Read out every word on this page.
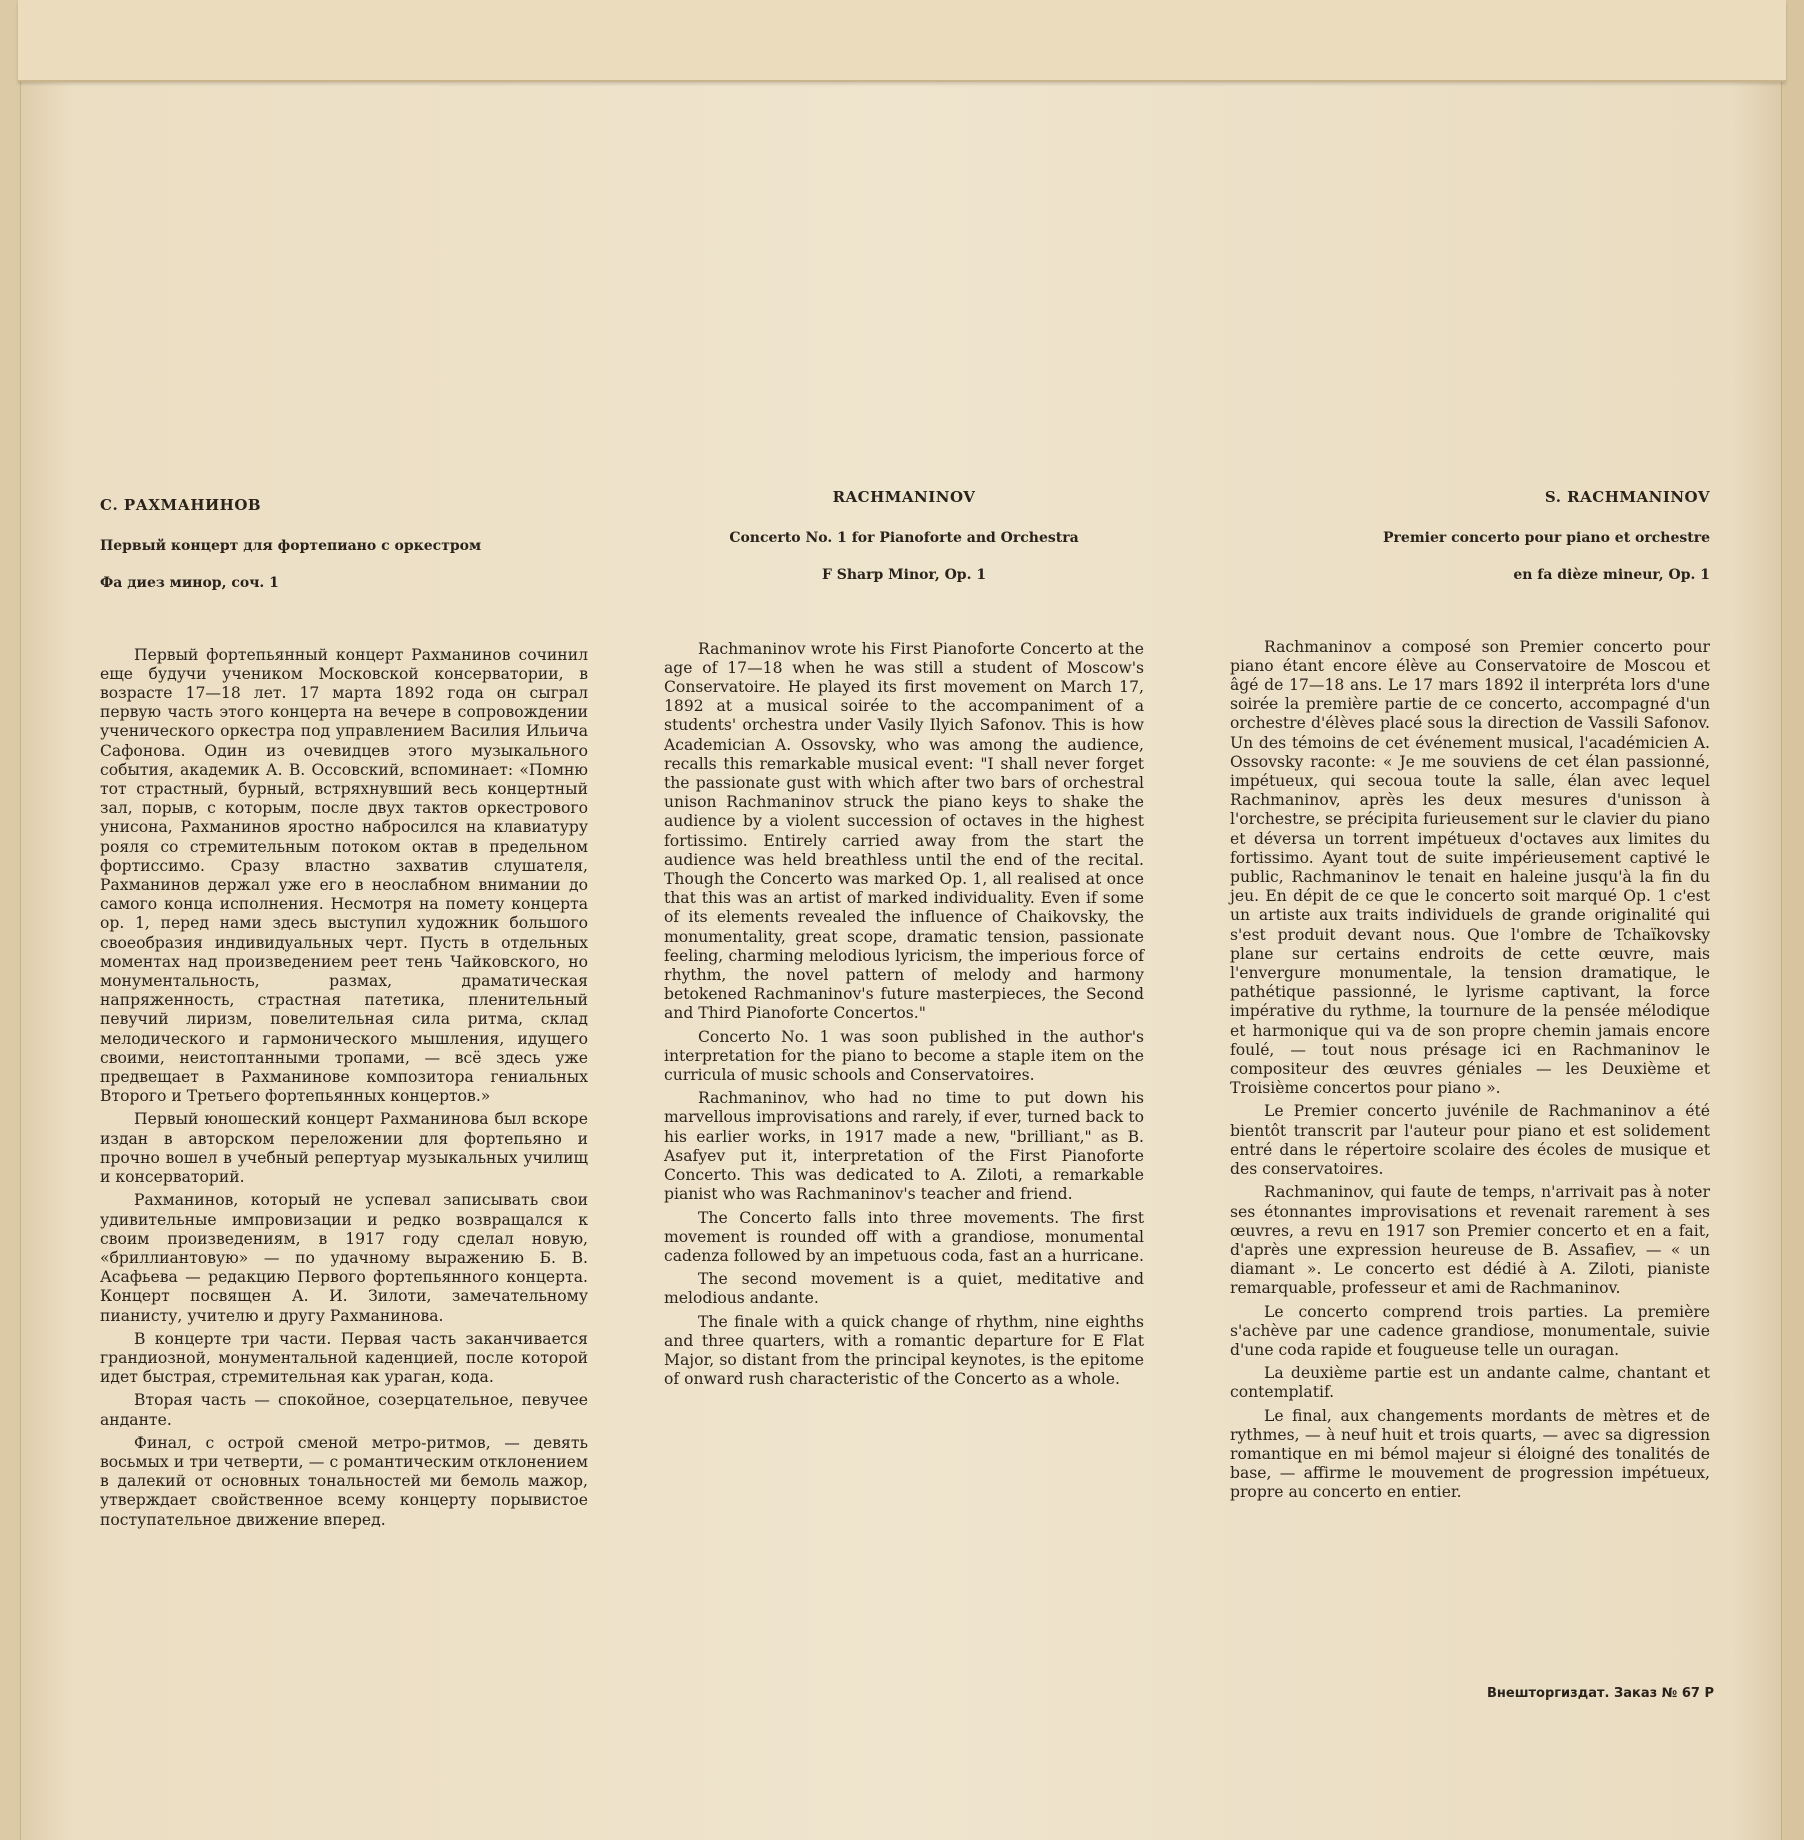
С. РАХМАНИНОВ
Первый концерт для фортепиано с оркестром
Фа диез минор, соч. 1

Первый фортепьянный концерт Рахманинов сочинил еще будучи учеником Московской консерватории, в возрасте 17—18 лет. 17 марта 1892 года он сыграл первую часть этого концерта на вечере в сопровождении ученического оркестра под управлением Василия Ильича Сафонова. Один из очевидцев этого музыкального события, академик А. В. Оссовский, вспоминает: «Помню тот страстный, бурный, встряхнувший весь концертный зал, порыв, с которым, после двух тактов оркестрового унисона, Рахманинов яростно набросился на клавиатуру рояля со стремительным потоком октав в предельном фортиссимо. Сразу властно захватив слушателя, Рахманинов держал уже его в неослабном внимании до самого конца исполнения. Несмотря на помету концерта ор. 1, перед нами здесь выступил художник большого своеобразия индивидуальных черт. Пусть в отдельных моментах над произведением реет тень Чайковского, но монументальность, размах, драматическая напряженность, страстная патетика, пленительный певучий лиризм, повелительная сила ритма, склад мелодического и гармонического мышления, идущего своими, неистоптанными тропами, — всё здесь уже предвещает в Рахманинове композитора гениальных Второго и Третьего фортепьянных концертов.»

Первый юношеский концерт Рахманинова был вскоре издан в авторском переложении для фортепьяно и прочно вошел в учебный репертуар музыкальных училищ и консерваторий.

Рахманинов, который не успевал записывать свои удивительные импровизации и редко возвращался к своим произведениям, в 1917 году сделал новую, «бриллиантовую» — по удачному выражению Б. В. Асафьева — редакцию Первого фортепьянного концерта. Концерт посвящен А. И. Зилоти, замечательному пианисту, учителю и другу Рахманинова.

В концерте три части. Первая часть заканчивается грандиозной, монументальной каденцией, после которой идет быстрая, стремительная как ураган, кода.

Вторая часть — спокойное, созерцательное, певучее анданте.

Финал, с острой сменой метро-ритмов, — девять восьмых и три четверти, — с романтическим отклонением в далекий от основных тональностей ми бемоль мажор, утверждает свойственное всему концерту порывистое поступательное движение вперед.

RACHMANINOV
Concerto No. 1 for Pianoforte and Orchestra
F Sharp Minor, Op. 1

Rachmaninov wrote his First Pianoforte Concerto at the age of 17—18 when he was still a student of Moscow's Conservatoire. He played its first movement on March 17, 1892 at a musical soirée to the accompaniment of a students' orchestra under Vasily Ilyich Safonov. This is how Academician A. Ossovsky, who was among the audience, recalls this remarkable musical event: "I shall never forget the passionate gust with which after two bars of orchestral unison Rachmaninov struck the piano keys to shake the audience by a violent succession of octaves in the highest fortissimo. Entirely carried away from the start the audience was held breathless until the end of the recital. Though the Concerto was marked Op. 1, all realised at once that this was an artist of marked individuality. Even if some of its elements revealed the influence of Chaikovsky, the monumentality, great scope, dramatic tension, passionate feeling, charming melodious lyricism, the imperious force of rhythm, the novel pattern of melody and harmony betokened Rachmaninov's future masterpieces, the Second and Third Pianoforte Concertos."

Concerto No. 1 was soon published in the author's interpretation for the piano to become a staple item on the curricula of music schools and Conservatoires.

Rachmaninov, who had no time to put down his marvellous improvisations and rarely, if ever, turned back to his earlier works, in 1917 made a new, "brilliant," as B. Asafyev put it, interpretation of the First Pianoforte Concerto. This was dedicated to A. Ziloti, a remarkable pianist who was Rachmaninov's teacher and friend.

The Concerto falls into three movements. The first movement is rounded off with a grandiose, monumental cadenza followed by an impetuous coda, fast an a hurricane.

The second movement is a quiet, meditative and melodious andante.

The finale with a quick change of rhythm, nine eighths and three quarters, with a romantic departure for E Flat Major, so distant from the principal keynotes, is the epitome of onward rush characteristic of the Concerto as a whole.

S. RACHMANINOV
Premier concerto pour piano et orchestre
en fa dièze mineur, Op. 1

Rachmaninov a composé son Premier concerto pour piano étant encore élève au Conservatoire de Moscou et âgé de 17—18 ans. Le 17 mars 1892 il interpréta lors d'une soirée la première partie de ce concerto, accompagné d'un orchestre d'élèves placé sous la direction de Vassili Safonov. Un des témoins de cet événement musical, l'académicien A. Ossovsky raconte: « Je me souviens de cet élan passionné, impétueux, qui secoua toute la salle, élan avec lequel Rachmaninov, après les deux mesures d'unisson à l'orchestre, se précipita furieusement sur le clavier du piano et déversa un torrent impétueux d'octaves aux limites du fortissimo. Ayant tout de suite impérieusement captivé le public, Rachmaninov le tenait en haleine jusqu'à la fin du jeu. En dépit de ce que le concerto soit marqué Op. 1 c'est un artiste aux traits individuels de grande originalité qui s'est produit devant nous. Que l'ombre de Tchaïkovsky plane sur certains endroits de cette œuvre, mais l'envergure monumentale, la tension dramatique, le pathétique passionné, le lyrisme captivant, la force impérative du rythme, la tournure de la pensée mélodique et harmonique qui va de son propre chemin jamais encore foulé, — tout nous présage ici en Rachmaninov le compositeur des œuvres géniales — les Deuxième et Troisième concertos pour piano ».

Le Premier concerto juvénile de Rachmaninov a été bientôt transcrit par l'auteur pour piano et est solidement entré dans le répertoire scolaire des écoles de musique et des conservatoires.

Rachmaninov, qui faute de temps, n'arrivait pas à noter ses étonnantes improvisations et revenait rarement à ses œuvres, a revu en 1917 son Premier concerto et en a fait, d'après une expression heureuse de B. Assafiev, — « un diamant ». Le concerto est dédié à A. Ziloti, pianiste remarquable, professeur et ami de Rachmaninov.

Le concerto comprend trois parties. La première s'achève par une cadence grandiose, monumentale, suivie d'une coda rapide et fougueuse telle un ouragan.

La deuxième partie est un andante calme, chantant et contemplatif.

Le final, aux changements mordants de mètres et de rythmes, — à neuf huit et trois quarts, — avec sa digression romantique en mi bémol majeur si éloigné des tonalités de base, — affirme le mouvement de progression impétueux, propre au concerto en entier.

Внешторгиздат. Заказ № 67 Р
